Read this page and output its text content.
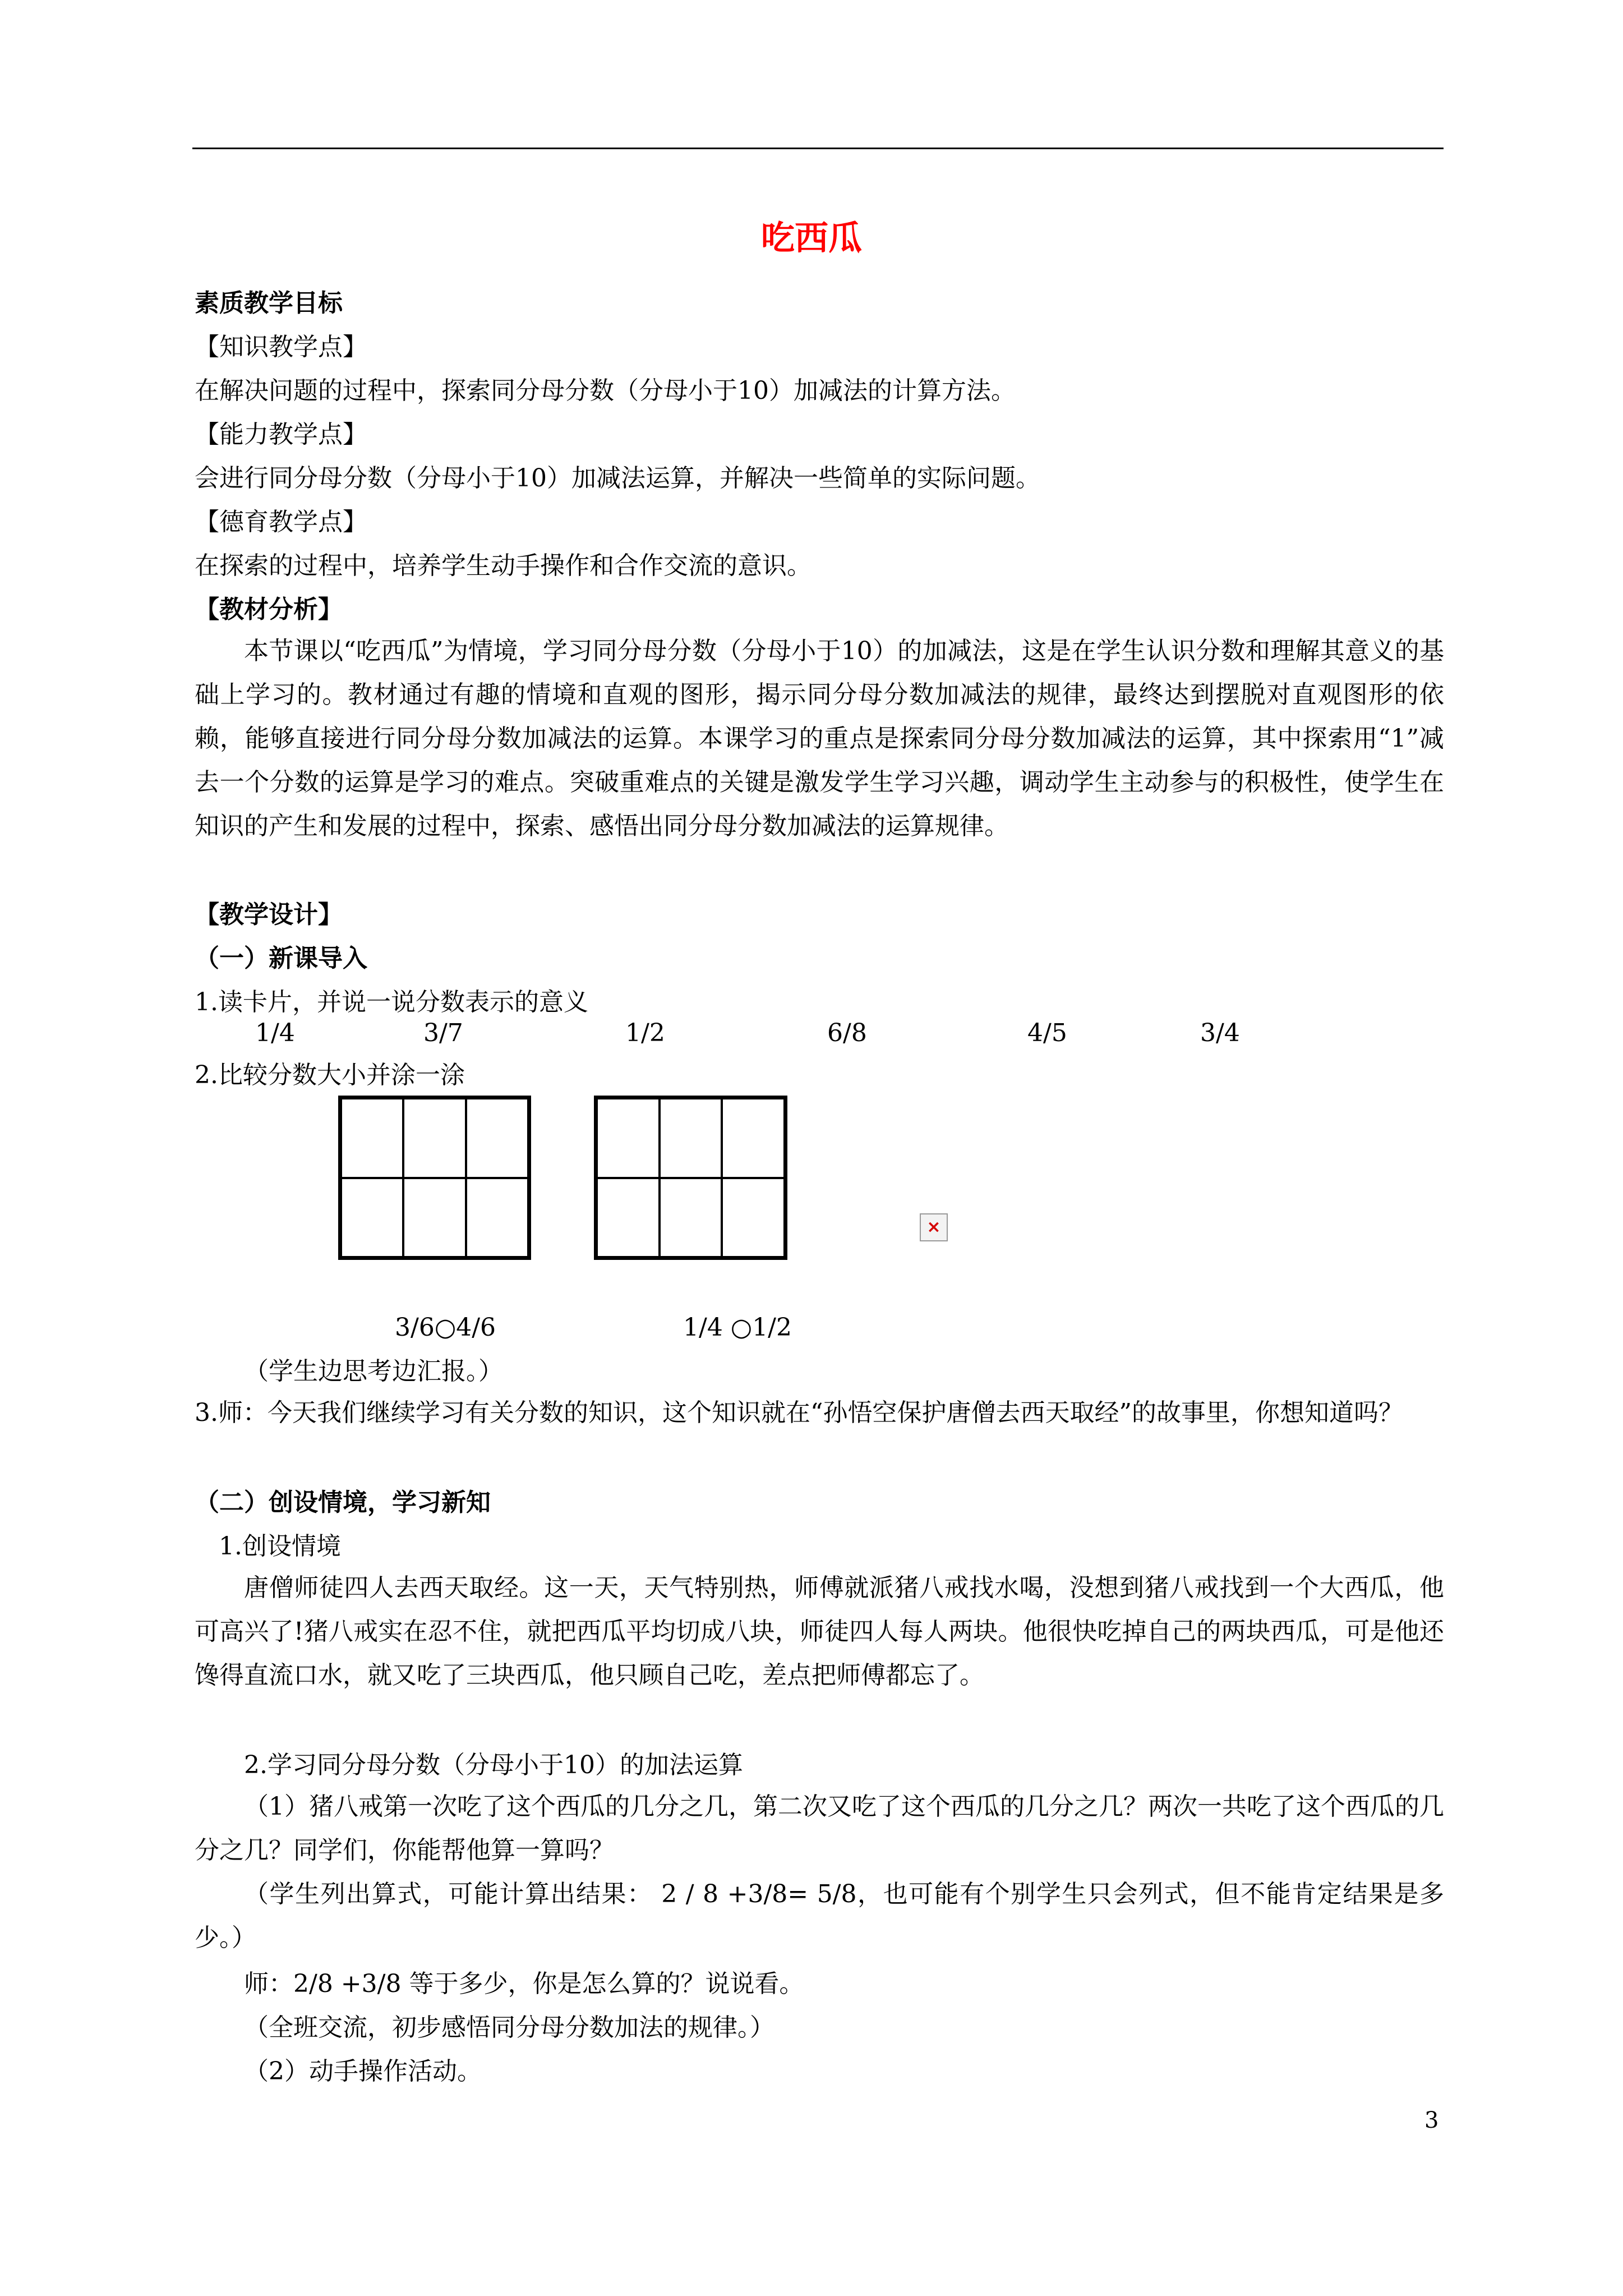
吃西瓜
素质教学目标
【知识教学点】
在解决问题的过程中，探索同分母分数（分母小于10）加减法的计算方法。
【能力教学点】
会进行同分母分数（分母小于10）加减法运算，并解决一些简单的实际问题。
【德育教学点】
在探索的过程中，培养学生动手操作和合作交流的意识。
【教材分析】
本节课以“吃西瓜”为情境，学习同分母分数（分母小于10）的加减法，这是在学生认识分数和理解其意义的基础上学习的。教材通过有趣的情境和直观的图形，揭示同分母分数加减法的规律，最终达到摆脱对直观图形的依赖，能够直接进行同分母分数加减法的运算。本课学习的重点是探索同分母分数加减法的运算，其中探索用“1”减去一个分数的运算是学习的难点。突破重难点的关键是激发学生学习兴趣，调动学生主动参与的积极性，使学生在知识的产生和发展的过程中，探索、感悟出同分母分数加减法的运算规律。
【教学设计】
（一）新课导入
1.读卡片，并说一说分数表示的意义
1/4	3/7	1/2	6/8	4/5	3/4
2.比较分数大小并涂一涂
×
3/6○4/6	1/4 ○1/2
（学生边思考边汇报。）
3.师：今天我们继续学习有关分数的知识，这个知识就在“孙悟空保护唐僧去西天取经”的故事里，你想知道吗？
（二）创设情境，学习新知
1.创设情境
唐僧师徒四人去西天取经。这一天，天气特别热，师傅就派猪八戒找水喝，没想到猪八戒找到一个大西瓜，他可高兴了!猪八戒实在忍不住，就把西瓜平均切成八块，师徒四人每人两块。他很快吃掉自己的两块西瓜，可是他还馋得直流口水，就又吃了三块西瓜，他只顾自己吃，差点把师傅都忘了。
2.学习同分母分数（分母小于10）的加法运算
（1）猪八戒第一次吃了这个西瓜的几分之几，第二次又吃了这个西瓜的几分之几？两次一共吃了这个西瓜的几分之几？同学们，你能帮他算一算吗？
（学生列出算式，可能计算出结果： 2 / 8 +3/8= 5/8，也可能有个别学生只会列式，但不能肯定结果是多少。）
师：2/8 +3/8 等于多少，你是怎么算的？说说看。
（全班交流，初步感悟同分母分数加法的规律。）
（2）动手操作活动。
3
